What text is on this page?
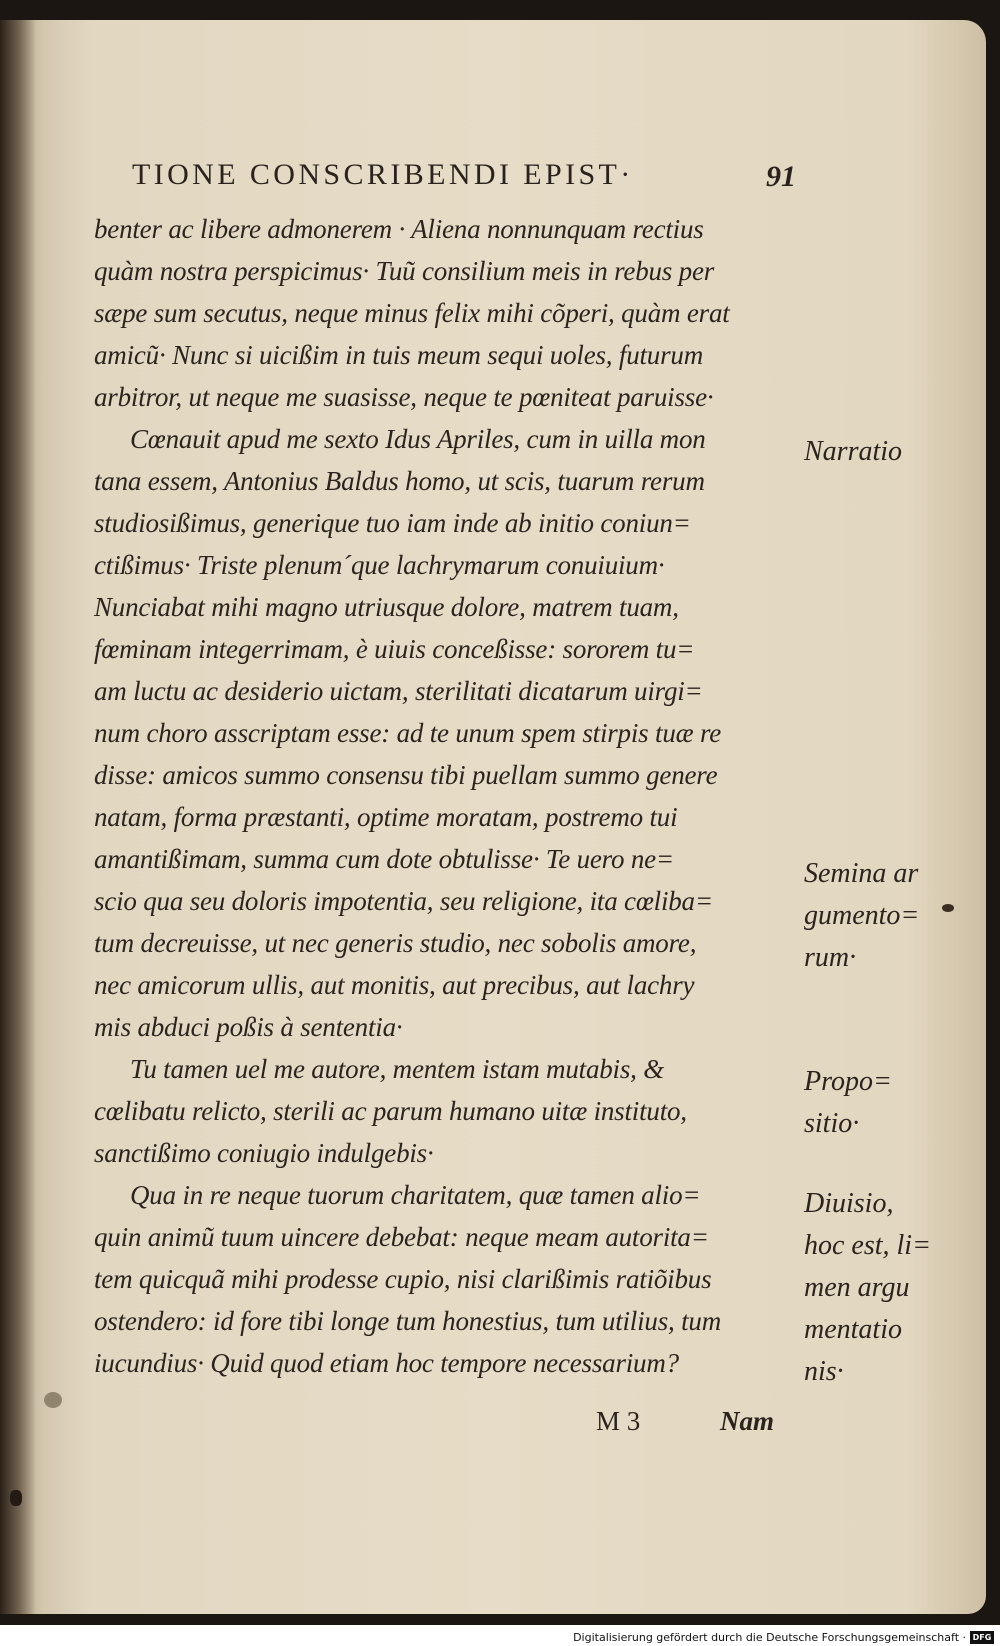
TIONE CONSCRIBENDI EPIST·	91
benter ac libere admonerem · Aliena nonnunquam rectius
quàm nostra perspicimus· Tuũ consilium meis in rebus per
sæpe sum secutus, neque minus felix mihi cõperi, quàm erat
amicũ· Nunc si uicißim in tuis meum sequi uoles, futurum
arbitror, ut neque me suasisse, neque te pœniteat paruisse·
Cœnauit apud me sexto Idus Apriles, cum in uilla mon
tana essem, Antonius Baldus homo, ut scis, tuarum rerum
studiosißimus, generique tuo iam inde ab initio coniun=
ctißimus· Triste plenum´que lachrymarum conuiuium·
Nunciabat mihi magno utriusque dolore, matrem tuam,
fœminam integerrimam, è uiuis conceßisse: sororem tu=
am luctu ac desiderio uictam, sterilitati dicatarum uirgi=
num choro asscriptam esse: ad te unum spem stirpis tuæ re
disse: amicos summo consensu tibi puellam summo genere
natam, forma præstanti, optime moratam, postremo tui
amantißimam, summa cum dote obtulisse· Te uero ne=
scio qua seu doloris impotentia, seu religione, ita cœliba=
tum decreuisse, ut nec generis studio, nec sobolis amore,
nec amicorum ullis, aut monitis, aut precibus, aut lachry
mis abduci poßis à sententia·
Tu tamen uel me autore, mentem istam mutabis, &
cœlibatu relicto, sterili ac parum humano uitæ instituto,
sanctißimo coniugio indulgebis·
Qua in re neque tuorum charitatem, quæ tamen alio=
quin animũ tuum uincere debebat: neque meam autorita=
tem quicquã mihi prodesse cupio, nisi clarißimis ratiõibus
ostendero: id fore tibi longe tum honestius, tum utilius, tum
iucundius· Quid quod etiam hoc tempore necessarium?
Narratio
Semina ar
gumento=
rum·
Propo=
sitio·
Diuisio,
hoc est, li=
men argu
mentatio
nis·
M 3	Nam
Digitalisierung gefördert durch die Deutsche Forschungsgemeinschaft · DFG
